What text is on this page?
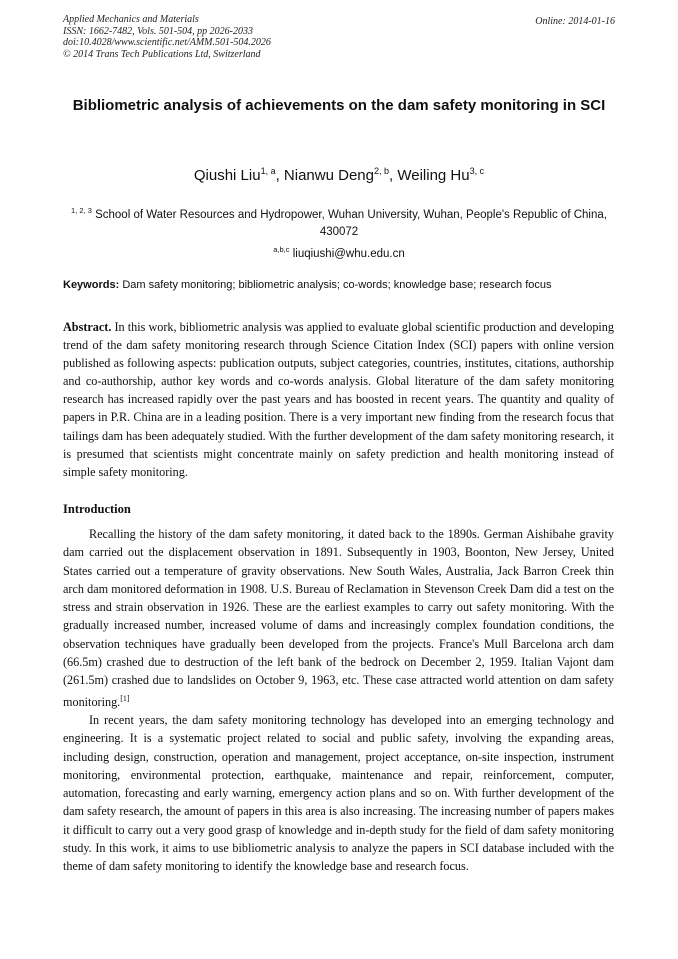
Applied Mechanics and Materials
ISSN: 1662-7482, Vols. 501-504, pp 2026-2033
doi:10.4028/www.scientific.net/AMM.501-504.2026
© 2014 Trans Tech Publications Ltd, Switzerland
Online: 2014-01-16
Bibliometric analysis of achievements on the dam safety monitoring in SCI
Qiushi Liu$^{1, a}$, Nianwu Deng$^{2, b}$, Weiling Hu$^{3, c}$
$^{1, 2, 3}$ School of Water Resources and Hydropower, Wuhan University, Wuhan, People's Republic of China, 430072
$^{a,b,c}$ liuqiushi@whu.edu.cn
Keywords: Dam safety monitoring; bibliometric analysis; co-words; knowledge base; research focus
Abstract. In this work, bibliometric analysis was applied to evaluate global scientific production and developing trend of the dam safety monitoring research through Science Citation Index (SCI) papers with online version published as following aspects: publication outputs, subject categories, countries, institutes, citations, authorship and co-authorship, author key words and co-words analysis. Global literature of the dam safety monitoring research has increased rapidly over the past years and has boosted in recent years. The quantity and quality of papers in P.R. China are in a leading position. There is a very important new finding from the research focus that tailings dam has been adequately studied. With the further development of the dam safety monitoring research, it is presumed that scientists might concentrate mainly on safety prediction and health monitoring instead of simple safety monitoring.
Introduction

Recalling the history of the dam safety monitoring, it dated back to the 1890s. German Aishibahe gravity dam carried out the displacement observation in 1891. Subsequently in 1903, Boonton, New Jersey, United States carried out a temperature of gravity observations. New South Wales, Australia, Jack Barron Creek thin arch dam monitored deformation in 1908. U.S. Bureau of Reclamation in Stevenson Creek Dam did a test on the stress and strain observation in 1926. These are the earliest examples to carry out safety monitoring. With the gradually increased number, increased volume of dams and increasingly complex foundation conditions, the observation techniques have gradually been developed from the projects. France's Mull Barcelona arch dam (66.5m) crashed due to destruction of the left bank of the bedrock on December 2, 1959. Italian Vajont dam (261.5m) crashed due to landslides on October 9, 1963, etc. These case attracted world attention on dam safety monitoring.[1]

In recent years, the dam safety monitoring technology has developed into an emerging technology and engineering. It is a systematic project related to social and public safety, involving the expanding areas, including design, construction, operation and management, project acceptance, on-site inspection, instrument monitoring, environmental protection, earthquake, maintenance and repair, reinforcement, computer, automation, forecasting and early warning, emergency action plans and so on. With further development of the dam safety research, the amount of papers in this area is also increasing. The increasing number of papers makes it difficult to carry out a very good grasp of knowledge and in-depth study for the field of dam safety monitoring study. In this work, it aims to use bibliometric analysis to analyze the papers in SCI database included with the theme of dam safety monitoring to identify the knowledge base and research focus.
